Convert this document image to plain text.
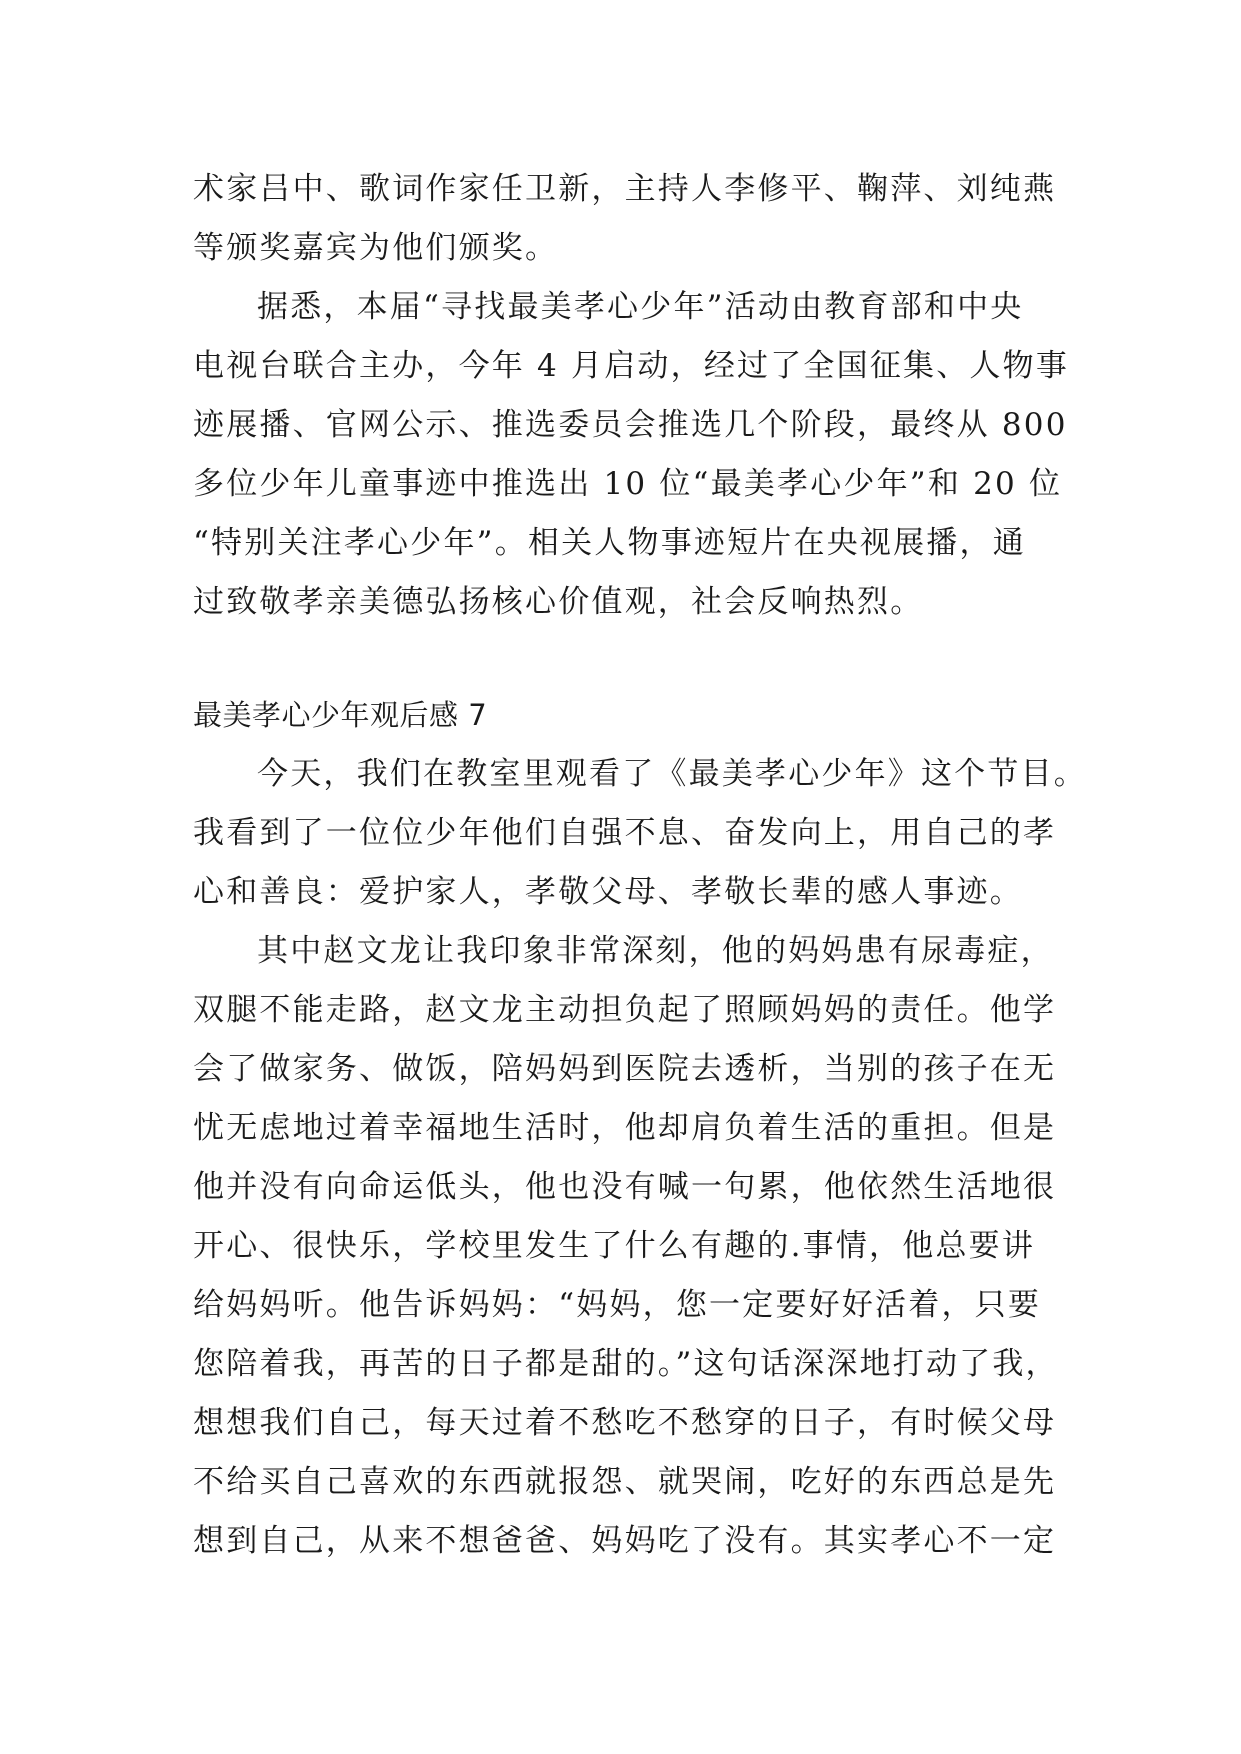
术家吕中、歌词作家任卫新，主持人李修平、鞠萍、刘纯燕
等颁奖嘉宾为他们颁奖。
据悉，本届“寻找最美孝心少年”活动由教育部和中央
电视台联合主办，今年 4 月启动，经过了全国征集、人物事
迹展播、官网公示、推选委员会推选几个阶段，最终从 800
多位少年儿童事迹中推选出 10 位“最美孝心少年”和 20 位
“特别关注孝心少年”。相关人物事迹短片在央视展播，通
过致敬孝亲美德弘扬核心价值观，社会反响热烈。
最美孝心少年观后感 7
今天，我们在教室里观看了《最美孝心少年》这个节目。
我看到了一位位少年他们自强不息、奋发向上，用自己的孝
心和善良：爱护家人，孝敬父母、孝敬长辈的感人事迹。
其中赵文龙让我印象非常深刻，他的妈妈患有尿毒症，
双腿不能走路，赵文龙主动担负起了照顾妈妈的责任。他学
会了做家务、做饭，陪妈妈到医院去透析，当别的孩子在无
忧无虑地过着幸福地生活时，他却肩负着生活的重担。但是
他并没有向命运低头，他也没有喊一句累，他依然生活地很
开心、很快乐，学校里发生了什么有趣的.事情，他总要讲
给妈妈听。他告诉妈妈：“妈妈，您一定要好好活着，只要
您陪着我，再苦的日子都是甜的。”这句话深深地打动了我，
想想我们自己，每天过着不愁吃不愁穿的日子，有时候父母
不给买自己喜欢的东西就报怨、就哭闹，吃好的东西总是先
想到自己，从来不想爸爸、妈妈吃了没有。其实孝心不一定
